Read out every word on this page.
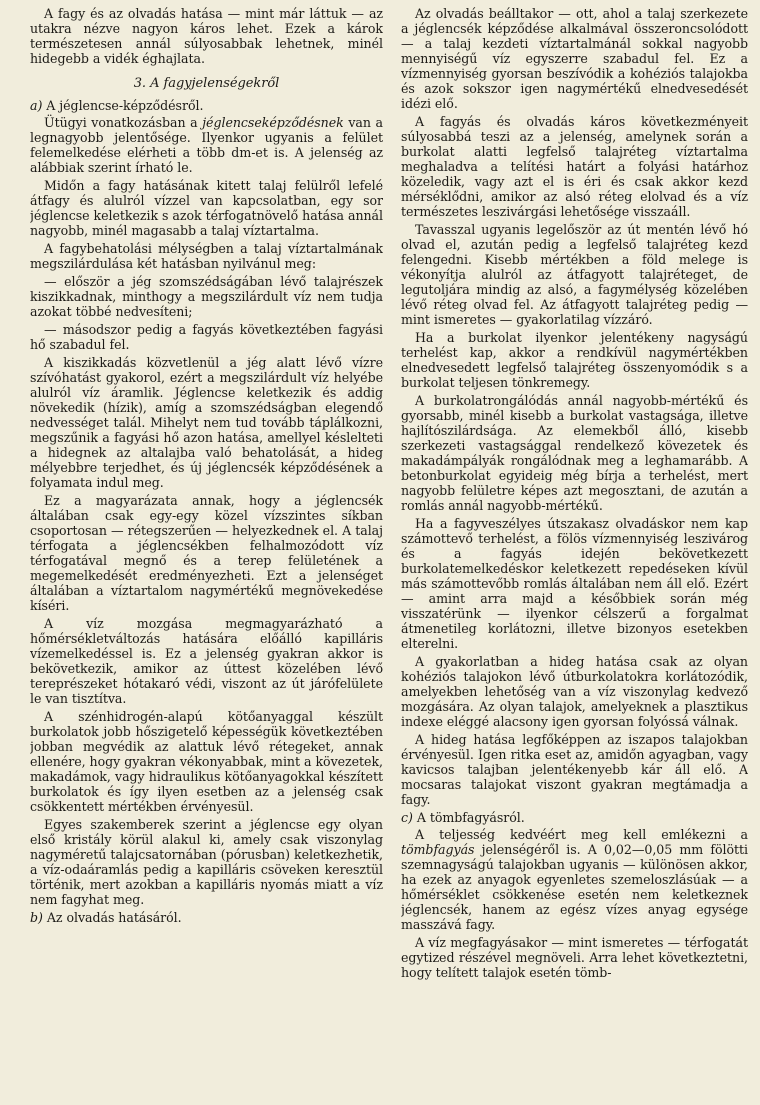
A fagy és az olvadás hatása — mint már láttuk — az utakra nézve nagyon káros lehet. Ezek a károk természetesen annál súlyosabbak lehetnek, minél hidegebb a vidék éghajlata.

3. A fagyjelenségekről

a) A jéglencse-képződésről.

Ütügyi vonatkozásban a jéglencseképződésnek van a legnagyobb jelentősége. Ilyenkor ugyanis a felület felemelkedése elérheti a több dm-et is. A jelenség az alábbiak szerint írható le.

Midőn a fagy hatásának kitett talaj felülről lefelé átfagy és alulról vízzel van kapcsolatban, egy sor jéglencse keletkezik s azok térfogatnövelő hatása annál nagyobb, minél magasabb a talaj víztartalma.

A fagybehatolási mélységben a talaj víztartalmának megszilárdulása két hatásban nyilvánul meg:

— először a jég szomszédságában lévő talajrészek kiszikkadnak, minthogy a megszilárdult víz nem tudja azokat többé nedvesíteni;

— másodszor pedig a fagyás következtében fagyási hő szabadul fel.

A kiszikkadás közvetlenül a jég alatt lévő vízre szívóhatást gyakorol, ezért a megszilárdult víz helyébe alulról víz áramlik. Jéglencse keletkezik és addig növekedik (hízik), amíg a szomszédságban elegendő nedvességet talál. Mihelyt nem tud tovább táplálkozni, megszűnik a fagyási hő azon hatása, amellyel késlelteti a hidegnek az altalajba való behatolását, a hideg mélyebbre terjedhet, és új jéglencsék képződésének a folyamata indul meg.

Ez a magyarázata annak, hogy a jéglencsék általában csak egy-egy közel vízszintes síkban csoportosan — rétegszerűen — helyezkednek el. A talaj térfogata a jéglencsékben felhalmozódott víz térfogatával megnő és a terep felületének a megemelkedését eredményezheti. Ezt a jelenséget általában a víztartalom nagymértékű megnövekedése kíséri.

A víz mozgása megmagyarázható a hőmérsékletváltozás hatására előálló kapilláris vízemelkedéssel is. Ez a jelenség gyakran akkor is bekövetkezik, amikor az úttest közelében lévő tereprészeket hótakaró védi, viszont az út járófelülete le van tisztítva.

A szénhidrogén-alapú kötőanyaggal készült burkolatok jobb hőszigetelő képességük következtében jobban megvédik az alattuk lévő rétegeket, annak ellenére, hogy gyakran vékonyabbak, mint a kövezetek, makadámok, vagy hidraulikus kötőanyagokkal készített burkolatok és így ilyen esetben az a jelenség csak csökkentett mértékben érvényesül.

Egyes szakemberek szerint a jéglencse egy olyan első kristály körül alakul ki, amely csak viszonylag nagyméretű talajcsatornában (pórusban) keletkezhetik, a víz-odaáramlás pedig a kapilláris csöveken keresztül történik, mert azokban a kapilláris nyomás miatt a víz nem fagyhat meg.

b) Az olvadás hatásáról.

Az olvadás beálltakor — ott, ahol a talaj szerkezete a jéglencsék képződése alkalmával összeroncsolódott — a talaj kezdeti víztartalmánál sokkal nagyobb mennyiségű víz egyszerre szabadul fel. Ez a vízmennyiség gyorsan beszívódik a kohéziós talajokba és azok sokszor igen nagymértékű elnedvesedését idézi elő.

A fagyás és olvadás káros következményeit súlyosabbá teszi az a jelenség, amelynek során a burkolat alatti legfelső talajréteg víztartalma meghaladva a telítési határt a folyási határhoz közeledik, vagy azt el is éri és csak akkor kezd mérséklődni, amikor az alsó réteg elolvad és a víz természetes leszivárgási lehetősége visszaáll.

Tavasszal ugyanis legelőször az út mentén lévő hó olvad el, azután pedig a legfelső talajréteg kezd felengedni. Kisebb mértékben a föld melege is vékonyítja alulról az átfagyott talajréteget, de legutoljára mindig az alsó, a fagymélység közelében lévő réteg olvad fel. Az átfagyott talajréteg pedig — mint ismeretes — gyakorlatilag vízzáró.

Ha a burkolat ilyenkor jelentékeny nagyságú terhelést kap, akkor a rendkívül nagymértékben elnedvesedett legfelső talajréteg összenyomódik s a burkolat teljesen tönkremegy.

A burkolatrongálódás annál nagyobb-mértékű és gyorsabb, minél kisebb a burkolat vastagsága, illetve hajlítószilárdsága. Az elemekből álló, kisebb szerkezeti vastagsággal rendelkező kövezetek és makadámpályák rongálódnak meg a leghamarább. A betonburkolat egyideig még bírja a terhelést, mert nagyobb felületre képes azt megosztani, de azután a romlás annál nagyobb-mértékű.

Ha a fagyveszélyes útszakasz olvadáskor nem kap számottevő terhelést, a fölös vízmennyiség leszivárog és a fagyás idején bekövetkezett burkolatemelkedéskor keletkezett repedéseken kívül más számottevőbb romlás általában nem áll elő. Ezért — amint arra majd a későbbiek során még visszatérünk — ilyenkor célszerű a forgalmat átmenetileg korlátozni, illetve bizonyos esetekben elterelni.

A gyakorlatban a hideg hatása csak az olyan kohéziós talajokon lévő útburkolatokra korlátozódik, amelyekben lehetőség van a víz viszonylag kedvező mozgására. Az olyan talajok, amelyeknek a plasztikus indexe eléggé alacsony igen gyorsan folyóssá válnak.

A hideg hatása legfőképpen az iszapos talajokban érvényesül. Igen ritka eset az, amidőn agyagban, vagy kavicsos talajban jelentékenyebb kár áll elő. A mocsaras talajokat viszont gyakran megtámadja a fagy.

c) A tömbfagyásról.

A teljesség kedvéért meg kell emlékezni a tömbfagyás jelenségéről is. A 0,02—0,05 mm fölötti szemnagyságú talajokban ugyanis — különösen akkor, ha ezek az anyagok egyenletes szemeloszlásúak — a hőmérséklet csökkenése esetén nem keletkeznek jéglencsék, hanem az egész vízes anyag egysége masszává fagy.

A víz megfagyásakor — mint ismeretes — térfogatát egytized részével megnöveli. Arra lehet következtetni, hogy telített talajok esetén tömb-
